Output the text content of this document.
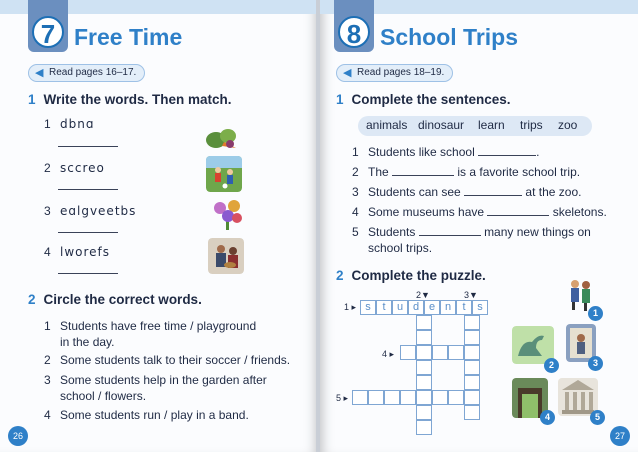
7 Free Time
◀ Read pages 16–17.
1 Write the words. Then match.
1 dbnɑ
2 sccreo
3 eɑlgveetbs
4 lworefs
2 Circle the correct words.
1 Students have free time / playground
in the day.
2 Some students talk to their soccer / friends.
3 Some students help in the garden after
school / flowers.
4 Some students run / play in a band.
26
8 School Trips
◀ Read pages 18–19.
1 Complete the sentences.
animals dinosaur learn trips zoo
1 Students like school	.
2 The	is a favorite school trip.
3 Students can see	at the zoo.
4 Some museums have	skeletons.
5 Students	many new things on
school trips.
2 Complete the puzzle.
2▼	3▼
1 ▸
4 ▸
5 ▸
s	t	u d e n	t	s	1
2	3
4	5
27
